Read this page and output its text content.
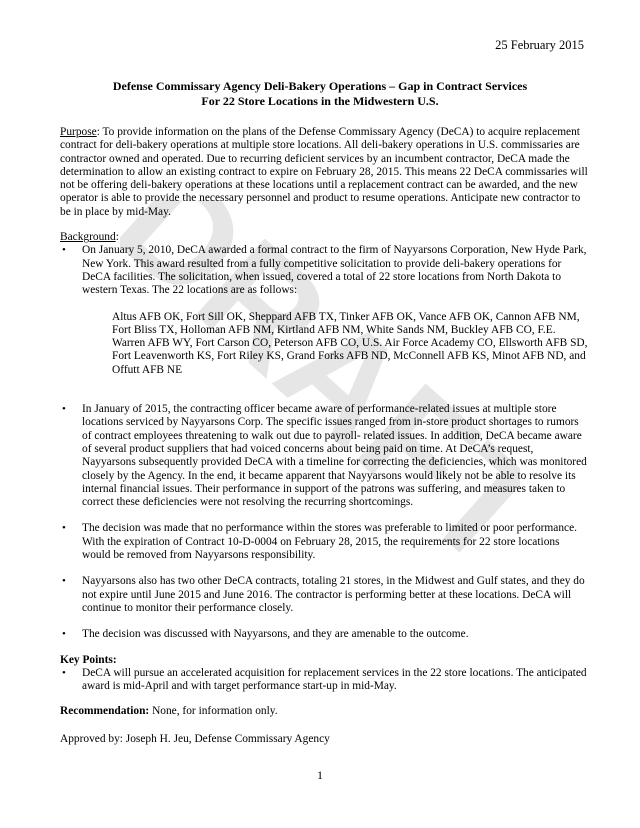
DRAFT
25 February 2015
Defense Commissary Agency Deli-Bakery Operations – Gap in Contract Services
For 22 Store Locations in the Midwestern U.S.

Purpose: To provide information on the plans of the Defense Commissary Agency (DeCA) to acquire replacement contract for deli-bakery operations at multiple store locations. All deli-bakery operations in U.S. commissaries are contractor owned and operated. Due to recurring deficient services by an incumbent contractor, DeCA made the determination to allow an existing contract to expire on February 28, 2015. This means 22 DeCA commissaries will not be offering deli-bakery operations at these locations until a replacement contract can be awarded, and the new operator is able to provide the necessary personnel and product to resume operations. Anticipate new contractor to be in place by mid-May.

Background:
• On January 5, 2010, DeCA awarded a formal contract to the firm of Nayyarsons Corporation, New Hyde Park, New York. This award resulted from a fully competitive solicitation to provide deli-bakery operations for DeCA facilities. The solicitation, when issued, covered a total of 22 store locations from North Dakota to western Texas. The 22 locations are as follows:
Altus AFB OK, Fort Sill OK, Sheppard AFB TX, Tinker AFB OK, Vance AFB OK, Cannon AFB NM, Fort Bliss TX, Holloman AFB NM, Kirtland AFB NM, White Sands NM, Buckley AFB CO, F.E. Warren AFB WY, Fort Carson CO, Peterson AFB CO, U.S. Air Force Academy CO, Ellsworth AFB SD, Fort Leavenworth KS, Fort Riley KS, Grand Forks AFB ND, McConnell AFB KS, Minot AFB ND, and Offutt AFB NE
• In January of 2015, the contracting officer became aware of performance-related issues at multiple store locations serviced by Nayyarsons Corp. The specific issues ranged from in-store product shortages to rumors of contract employees threatening to walk out due to payroll- related issues. In addition, DeCA became aware of several product suppliers that had voiced concerns about being paid on time. At DeCA’s request, Nayyarsons subsequently provided DeCA with a timeline for correcting the deficiencies, which was monitored closely by the Agency. In the end, it became apparent that Nayyarsons would likely not be able to resolve its internal financial issues. Their performance in support of the patrons was suffering, and measures taken to correct these deficiencies were not resolving the recurring shortcomings.
• The decision was made that no performance within the stores was preferable to limited or poor performance. With the expiration of Contract 10-D-0004 on February 28, 2015, the requirements for 22 store locations would be removed from Nayyarsons responsibility.
• Nayyarsons also has two other DeCA contracts, totaling 21 stores, in the Midwest and Gulf states, and they do not expire until June 2015 and June 2016. The contractor is performing better at these locations. DeCA will continue to monitor their performance closely.
• The decision was discussed with Nayyarsons, and they are amenable to the outcome.
Key Points:
• DeCA will pursue an accelerated acquisition for replacement services in the 22 store locations. The anticipated award is mid-April and with target performance start-up in mid-May.

Recommendation: None, for information only.

Approved by: Joseph H. Jeu, Defense Commissary Agency

1
